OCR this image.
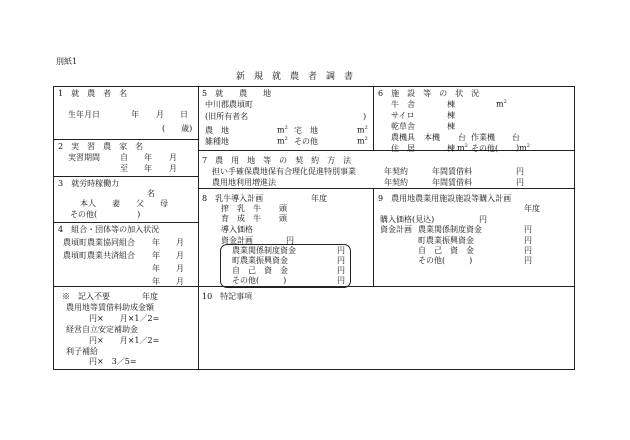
別紙1
新　規　就　農　者　調　書
1　就　農　者　名
生年月日	年 月 日
(　　歳)
2　実　習　農　家　名
実習期間	自 年 月
至 年 月
3　就労時稼働力
名
本人　　妻　　父　　母
その他(　　　　　)
4　組合・団体等の加入状況
農頃町農業協同組合 年 月
農頃町農業共済組合 年 月
年 月
年 月
※　記入不要	年度
農用地等賃借料助成金額
円×　　月×1／2=
経営自立安定補助金
円×　　月×1／2=
利子補給
円×　3／5=
5　就　　農　　地
中川郡農頃町
(旧所有者名	)
農　地	$m^2$ 宅　地	$m^2$
雑種地	$m^2$ その他	$m^2$
6　施　設　等　の　状　況
牛　舎	棟	$m^2$
サイロ	棟
乾草舎	棟
農機具 本機 台 作業機 台
住　居	棟 $m^2$ その他( )$m^2$
7　農　用　地　等　の　契　約　方　法
担い手確保農地保有合理化促進特別事業	年契約	年間賃借料	円
農用地利用増進法	年契約	年間賃借料	円
8　乳牛導入計画	年度
搾　乳　牛 頭
育　成　牛 頭
導入価格
資金計画	円
農業関係制度資金	円
町農業振興資金	円
自　己　資　金	円
その他(　　　)	円
9　農用地農業用施設施設等購入計画
年度
購入価格(見込)	円
資金計画 農業関係制度資金	円
町農業振興資金	円
自　己　資　金	円
その他(　　　)	円
10　特記事項
